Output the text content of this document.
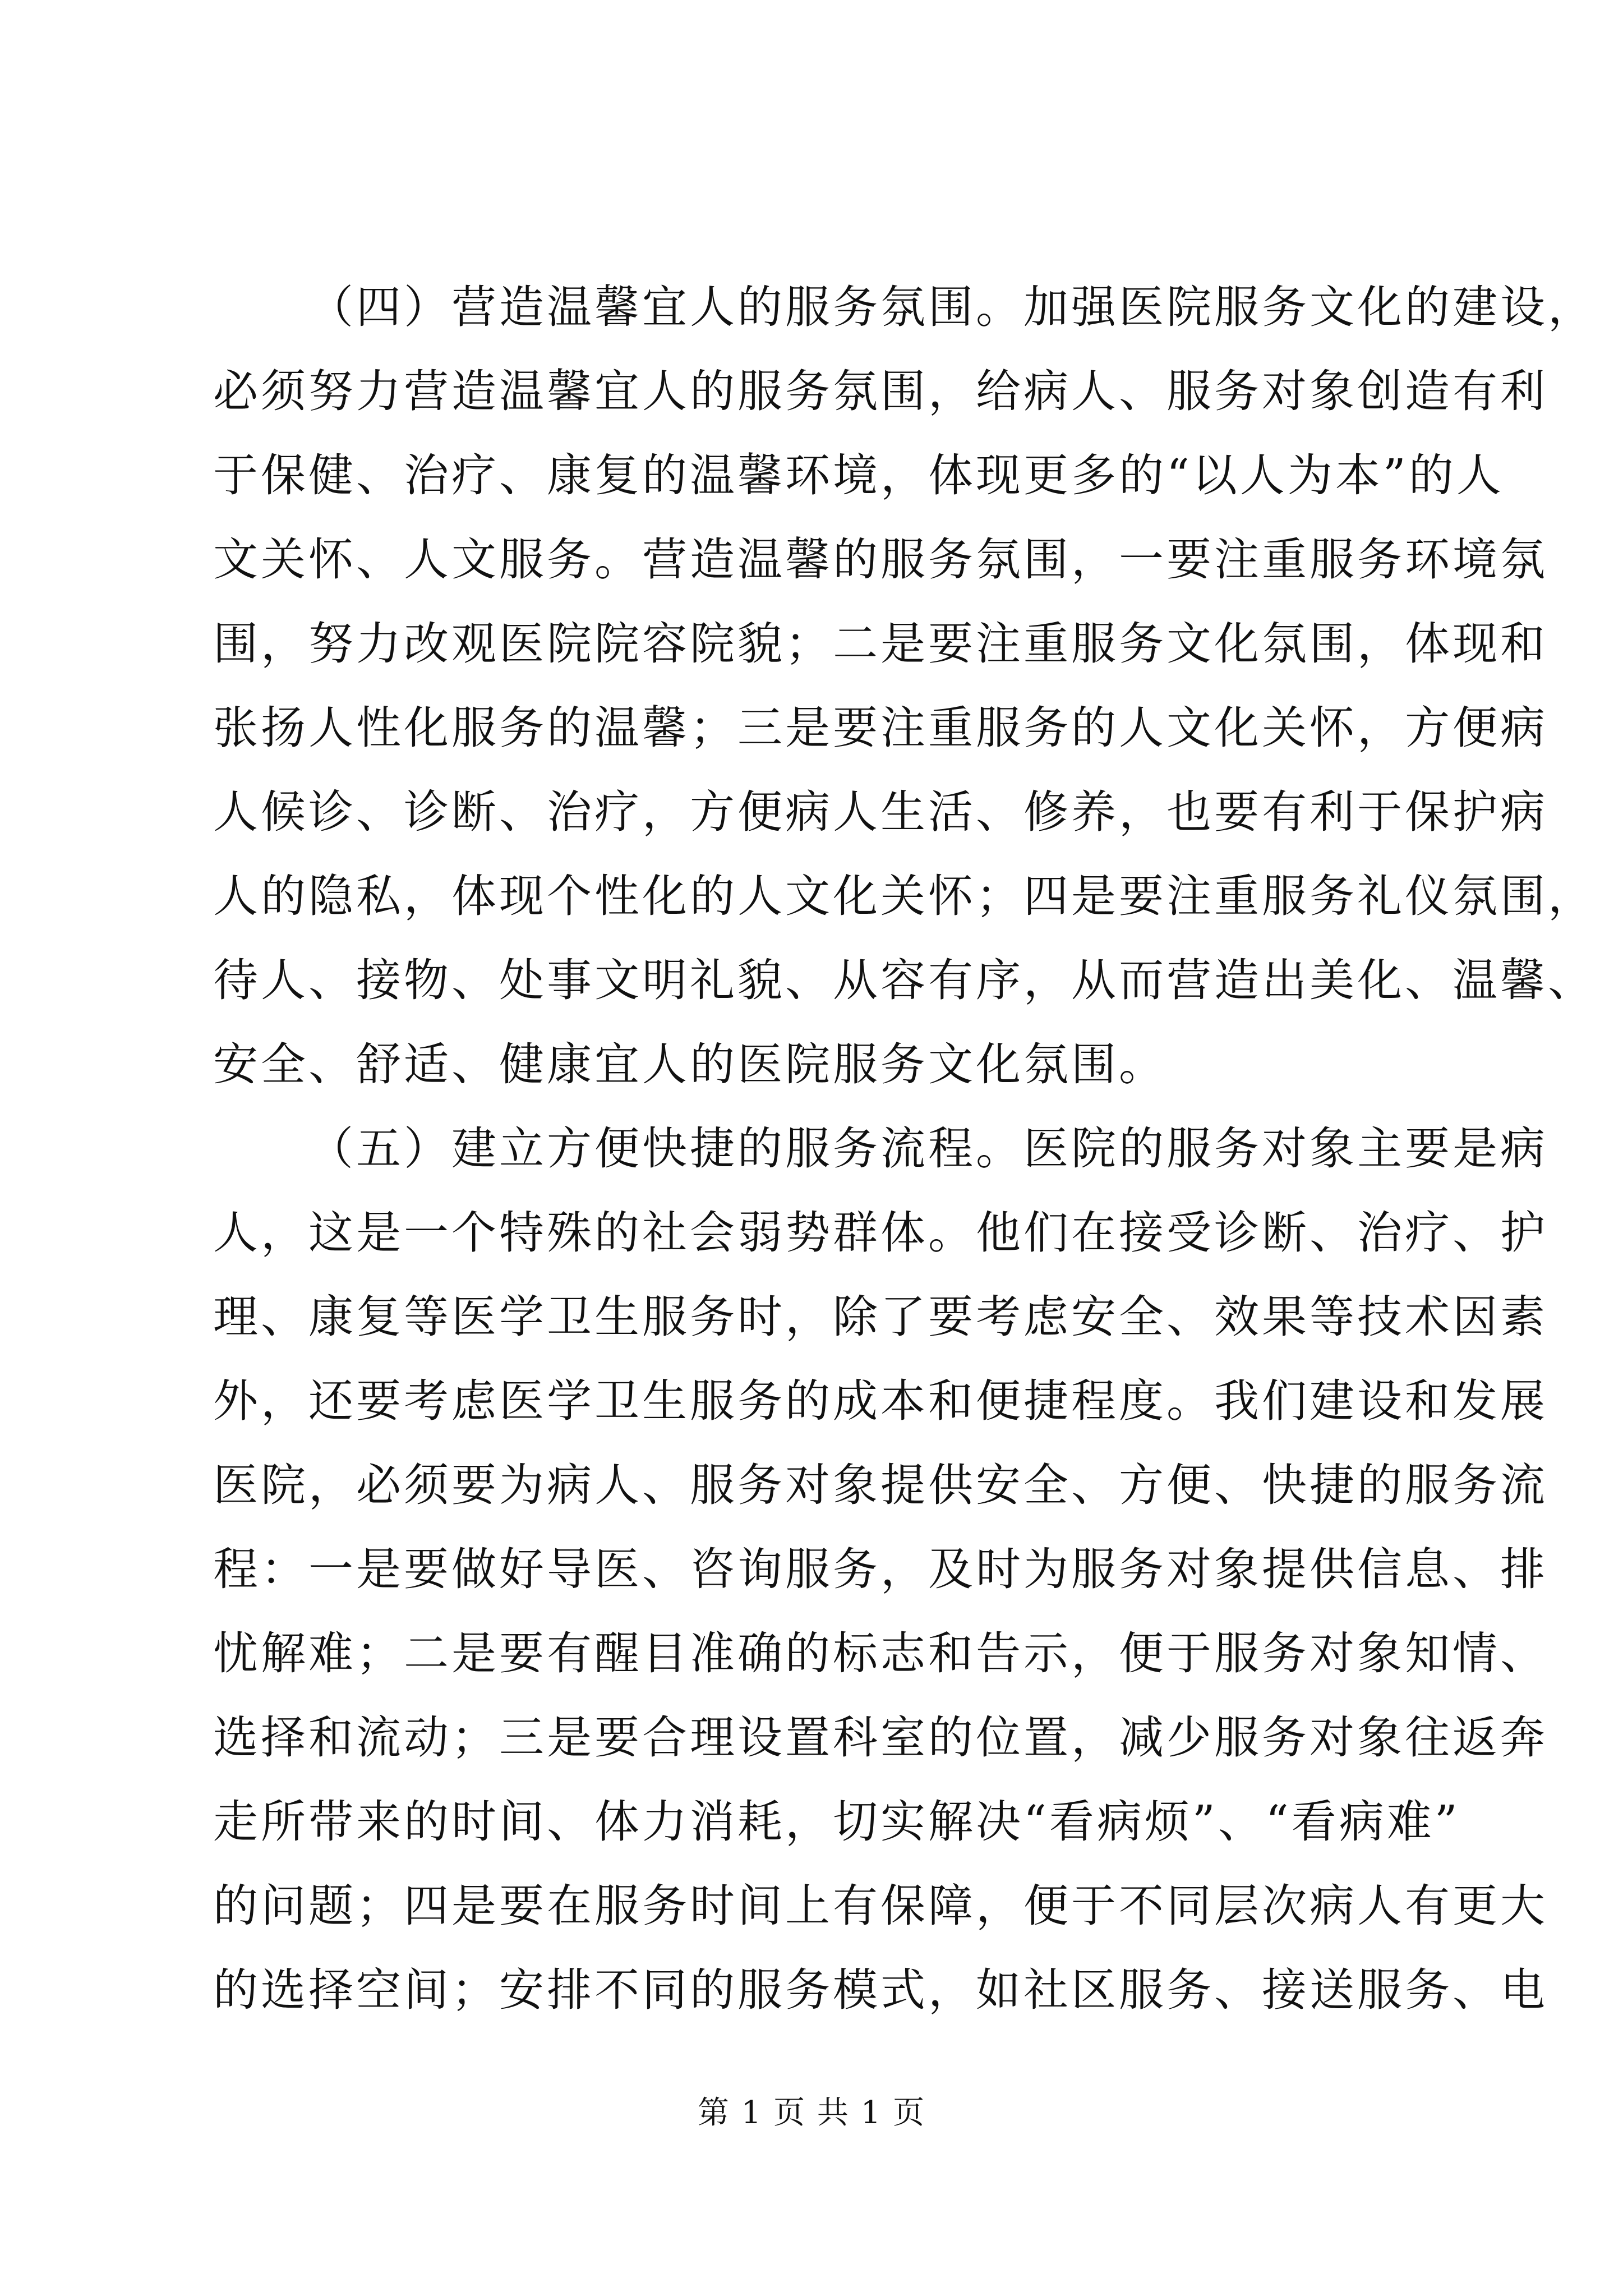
（四）营造温馨宜人的服务氛围。加强医院服务文化的建设，
必须努力营造温馨宜人的服务氛围，给病人、服务对象创造有利
于保健、治疗、康复的温馨环境，体现更多的“以人为本”的人
文关怀、人文服务。营造温馨的服务氛围，一要注重服务环境氛
围，努力改观医院院容院貌；二是要注重服务文化氛围，体现和
张扬人性化服务的温馨；三是要注重服务的人文化关怀，方便病
人候诊、诊断、治疗，方便病人生活、修养，也要有利于保护病
人的隐私，体现个性化的人文化关怀；四是要注重服务礼仪氛围，
待人、接物、处事文明礼貌、从容有序，从而营造出美化、温馨、
安全、舒适、健康宜人的医院服务文化氛围。
（五）建立方便快捷的服务流程。医院的服务对象主要是病
人，这是一个特殊的社会弱势群体。他们在接受诊断、治疗、护
理、康复等医学卫生服务时，除了要考虑安全、效果等技术因素
外，还要考虑医学卫生服务的成本和便捷程度。我们建设和发展
医院，必须要为病人、服务对象提供安全、方便、快捷的服务流
程：一是要做好导医、咨询服务，及时为服务对象提供信息、排
忧解难；二是要有醒目准确的标志和告示，便于服务对象知情、
选择和流动；三是要合理设置科室的位置，减少服务对象往返奔
走所带来的时间、体力消耗，切实解决“看病烦”、“看病难”
的问题；四是要在服务时间上有保障，便于不同层次病人有更大
的选择空间；安排不同的服务模式，如社区服务、接送服务、电
第 1 页 共 1 页
